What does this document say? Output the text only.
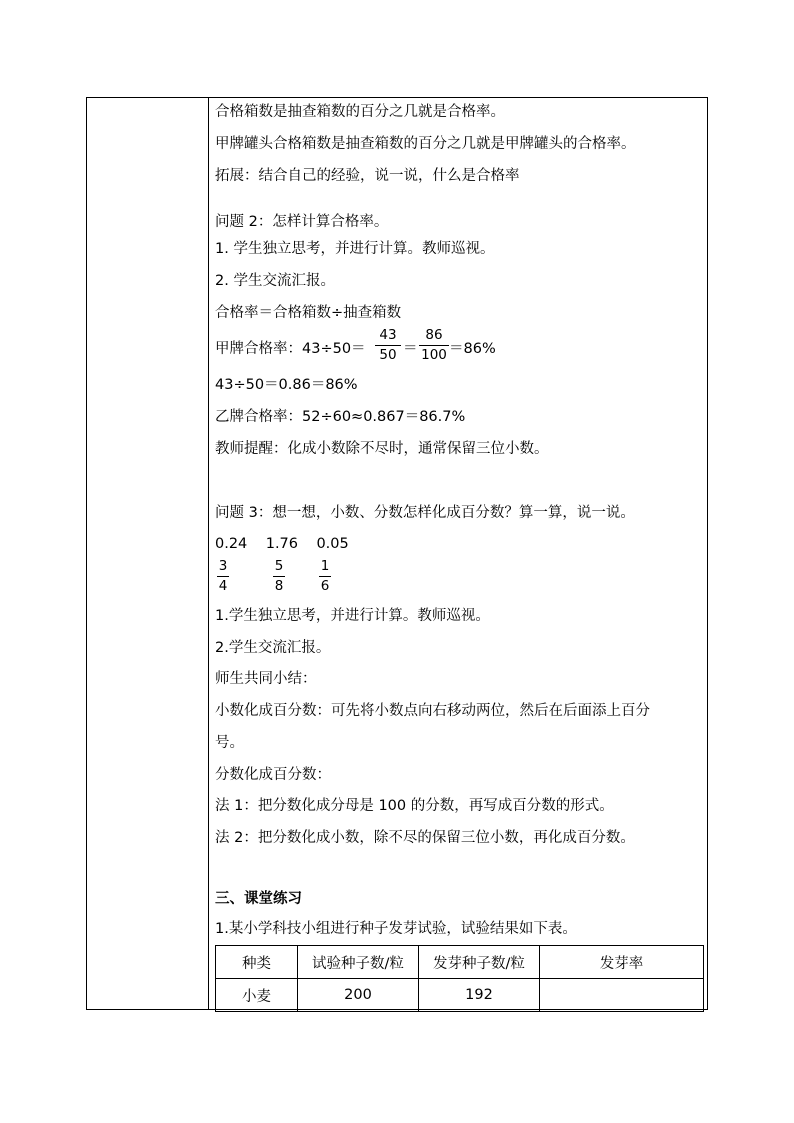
合格箱数是抽查箱数的百分之几就是合格率。
甲牌罐头合格箱数是抽查箱数的百分之几就是甲牌罐头的合格率。
拓展：结合自己的经验，说一说，什么是合格率
问题 2：怎样计算合格率。
1. 学生独立思考，并进行计算。教师巡视。
2. 学生交流汇报。
合格率＝合格箱数÷抽查箱数
甲牌合格率：43÷50＝
43
50 ＝
86
100 ＝86%
43÷50＝0.86＝86%
乙牌合格率：52÷60≈0.867＝86.7%
教师提醒：化成小数除不尽时，通常保留三位小数。
问题 3：想一想，小数、分数怎样化成百分数？算一算，说一说。
0.24    1.76    0.05
3
4
5
8
1
6
1.学生独立思考，并进行计算。教师巡视。
2.学生交流汇报。
师生共同小结：
小数化成百分数：可先将小数点向右移动两位，然后在后面添上百分
号。
分数化成百分数：
法 1：把分数化成分母是 100 的分数，再写成百分数的形式。
法 2：把分数化成小数，除不尽的保留三位小数，再化成百分数。
三、课堂练习
1.某小学科技小组进行种子发芽试验，试验结果如下表。
种类	试验种子数/粒	发芽种子数/粒	发芽率
小麦	200	192	
